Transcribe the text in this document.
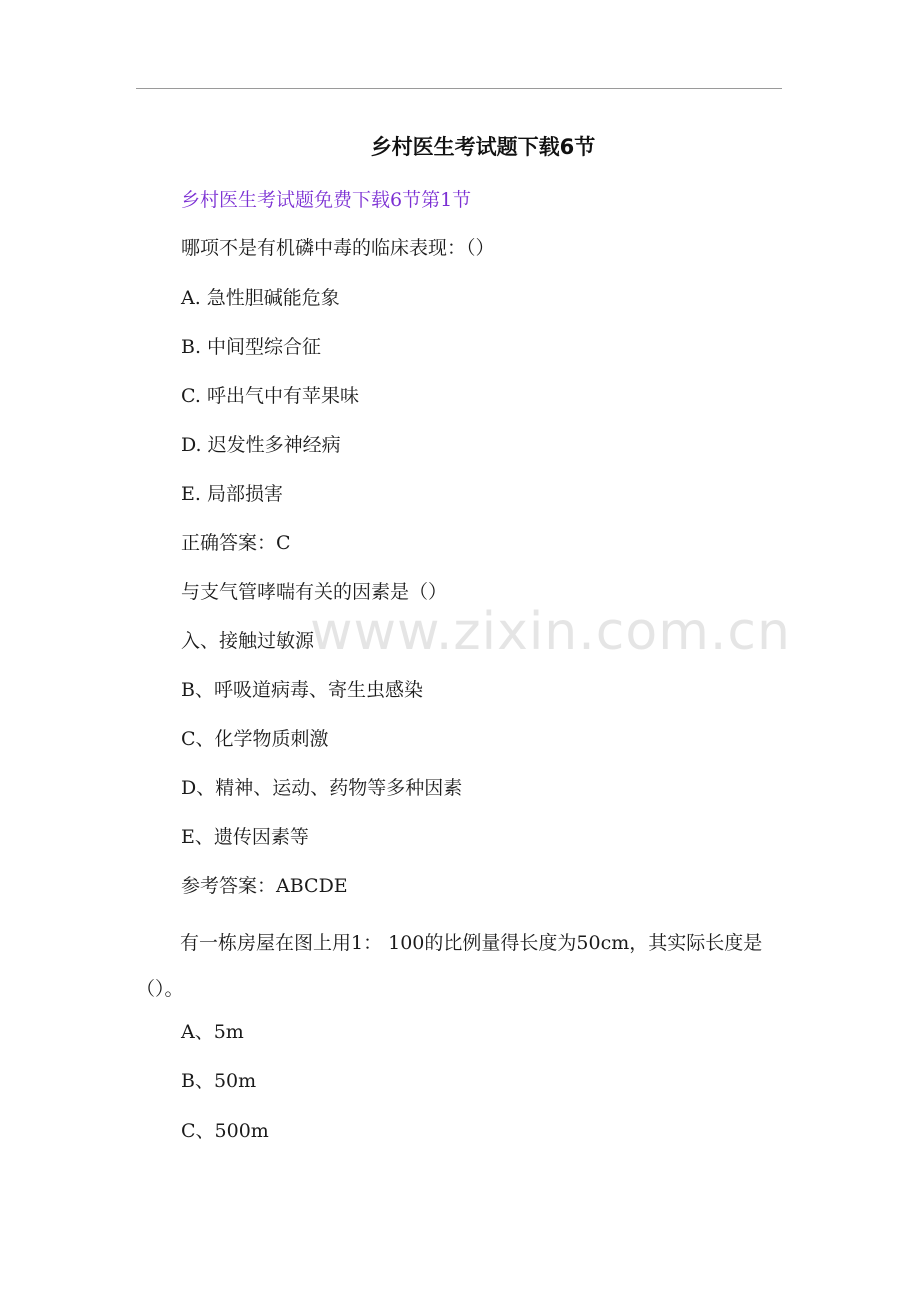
乡村医生考试题下载6节
乡村医生考试题免费下载6节第1节
哪项不是有机磷中毒的临床表现：（）
A. 急性胆碱能危象
B. 中间型综合征
C. 呼出气中有苹果味
D. 迟发性多神经病
E. 局部损害
正确答案：C
与支气管哮喘有关的因素是（）
入、接触过敏源
B、呼吸道病毒、寄生虫感染
C、化学物质刺激
D、精神、运动、药物等多种因素
E、遗传因素等
参考答案：ABCDE
有一栋房屋在图上用1： 100的比例量得长度为50cm，其实际长度是（）。
A、5m
B、50m
C、500m
www.zixin.com.cn
